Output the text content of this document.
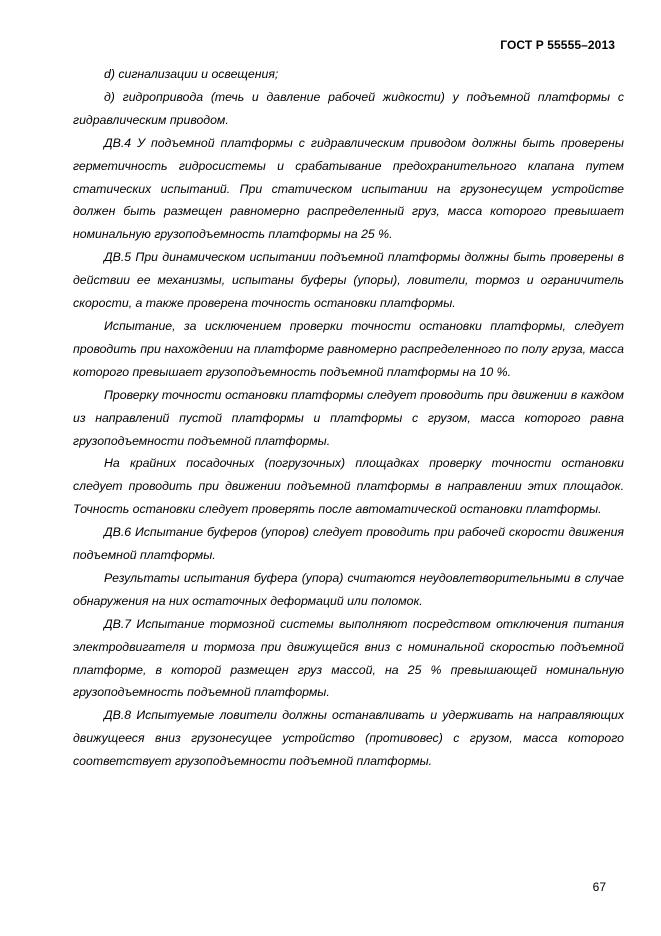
ГОСТ Р 55555–2013

d) сигнализации и освещения;

д) гидропривода (течь и давление рабочей жидкости) у подъемной платформы с гидравлическим приводом.

ДВ.4 У подъемной платформы с гидравлическим приводом должны быть проверены герметичность гидросистемы и срабатывание предохранительного клапана путем статических испытаний. При статическом испытании на грузонесущем устройстве должен быть размещен равномерно распределенный груз, масса которого превышает номинальную грузоподъемность платформы на 25 %.

ДВ.5 При динамическом испытании подъемной платформы должны быть проверены в действии ее механизмы, испытаны буферы (упоры), ловители, тормоз и ограничитель скорости, а также проверена точность остановки платформы.

Испытание, за исключением проверки точности остановки платформы, следует проводить при нахождении на платформе равномерно распределенного по полу груза, масса которого превышает грузоподъемность подъемной платформы на 10 %.

Проверку точности остановки платформы следует проводить при движении в каждом из направлений пустой платформы и платформы с грузом, масса которого равна грузоподъемности подъемной платформы.

На крайних посадочных (погрузочных) площадках проверку точности остановки следует проводить при движении подъемной платформы в направлении этих площадок. Точность остановки следует проверять после автоматической остановки платформы.

ДВ.6 Испытание буферов (упоров) следует проводить при рабочей скорости движения подъемной платформы.

Результаты испытания буфера (упора) считаются неудовлетворительными в случае обнаружения на них остаточных деформаций или поломок.

ДВ.7 Испытание тормозной системы выполняют посредством отключения питания электродвигателя и тормоза при движущейся вниз с номинальной скоростью подъемной платформе, в которой размещен груз массой, на 25 % превышающей номинальную грузоподъемность подъемной платформы.

ДВ.8 Испытуемые ловители должны останавливать и удерживать на направляющих движущееся вниз грузонесущее устройство (противовес) с грузом, масса которого соответствует грузоподъемности подъемной платформы.

67
